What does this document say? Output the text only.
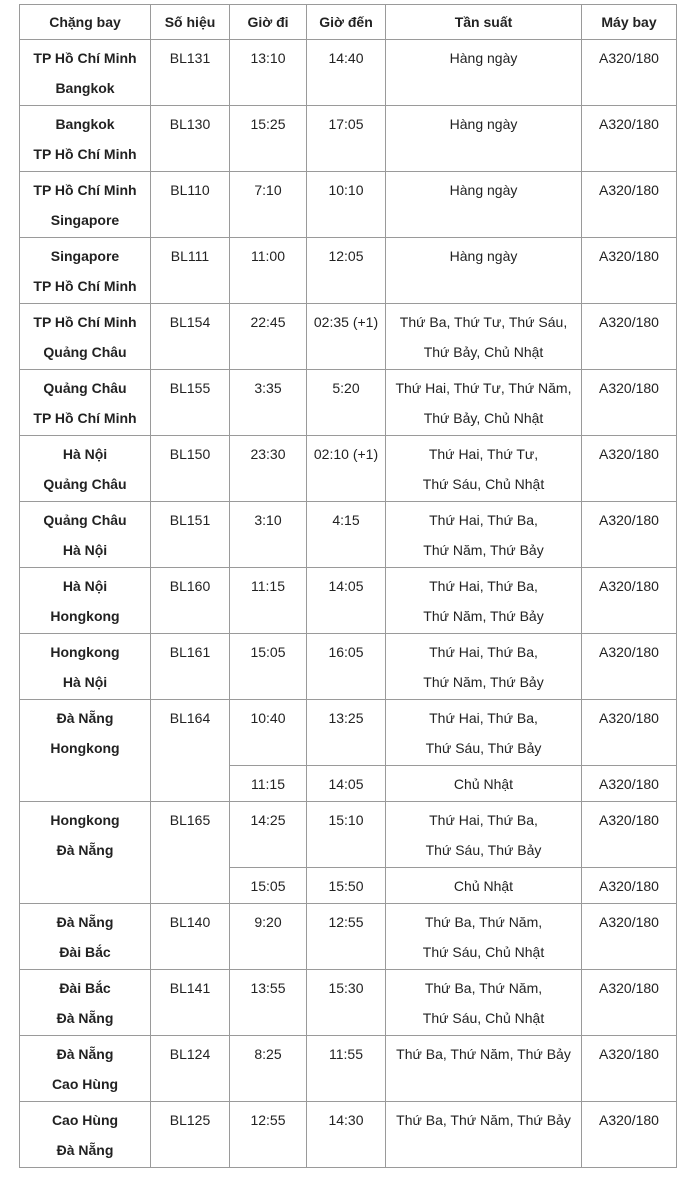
Chặng bay	Số hiệu	Giờ đi	Giờ đến	Tần suất	Máy bay

TP Hồ Chí Minh
Bangkok	BL131	13:10	14:40	Hàng ngày	A320/180

Bangkok
TP Hồ Chí Minh	BL130	15:25	17:05	Hàng ngày	A320/180

TP Hồ Chí Minh
Singapore	BL110	7:10	10:10	Hàng ngày	A320/180

Singapore
TP Hồ Chí Minh	BL111	11:00	12:05	Hàng ngày	A320/180

TP Hồ Chí Minh
Quảng Châu	BL154	22:45	02:35 (+1)	Thứ Ba, Thứ Tư, Thứ Sáu,
Thứ Bảy, Chủ Nhật	A320/180

Quảng Châu
TP Hồ Chí Minh	BL155	3:35	5:20	Thứ Hai, Thứ Tư, Thứ Năm,
Thứ Bảy, Chủ Nhật	A320/180

Hà Nội
Quảng Châu	BL150	23:30	02:10 (+1)	Thứ Hai, Thứ Tư,
Thứ Sáu, Chủ Nhật	A320/180

Quảng Châu
Hà Nội	BL151	3:10	4:15	Thứ Hai, Thứ Ba,
Thứ Năm, Thứ Bảy	A320/180

Hà Nội
Hongkong	BL160	11:15	14:05	Thứ Hai, Thứ Ba,
Thứ Năm, Thứ Bảy	A320/180

Hongkong
Hà Nội	BL161	15:05	16:05	Thứ Hai, Thứ Ba,
Thứ Năm, Thứ Bảy	A320/180

Đà Nẵng
Hongkong	BL164	10:40	13:25	Thứ Hai, Thứ Ba,
Thứ Sáu, Thứ Bảy	A320/180
		11:15	14:05	Chủ Nhật	A320/180

Hongkong
Đà Nẵng	BL165	14:25	15:10	Thứ Hai, Thứ Ba,
Thứ Sáu, Thứ Bảy	A320/180
		15:05	15:50	Chủ Nhật	A320/180

Đà Nẵng
Đài Bắc	BL140	9:20	12:55	Thứ Ba, Thứ Năm,
Thứ Sáu, Chủ Nhật	A320/180

Đài Bắc
Đà Nẵng	BL141	13:55	15:30	Thứ Ba, Thứ Năm,
Thứ Sáu, Chủ Nhật	A320/180

Đà Nẵng
Cao Hùng	BL124	8:25	11:55	Thứ Ba, Thứ Năm, Thứ Bảy	A320/180

Cao Hùng
Đà Nẵng	BL125	12:55	14:30	Thứ Ba, Thứ Năm, Thứ Bảy	A320/180
